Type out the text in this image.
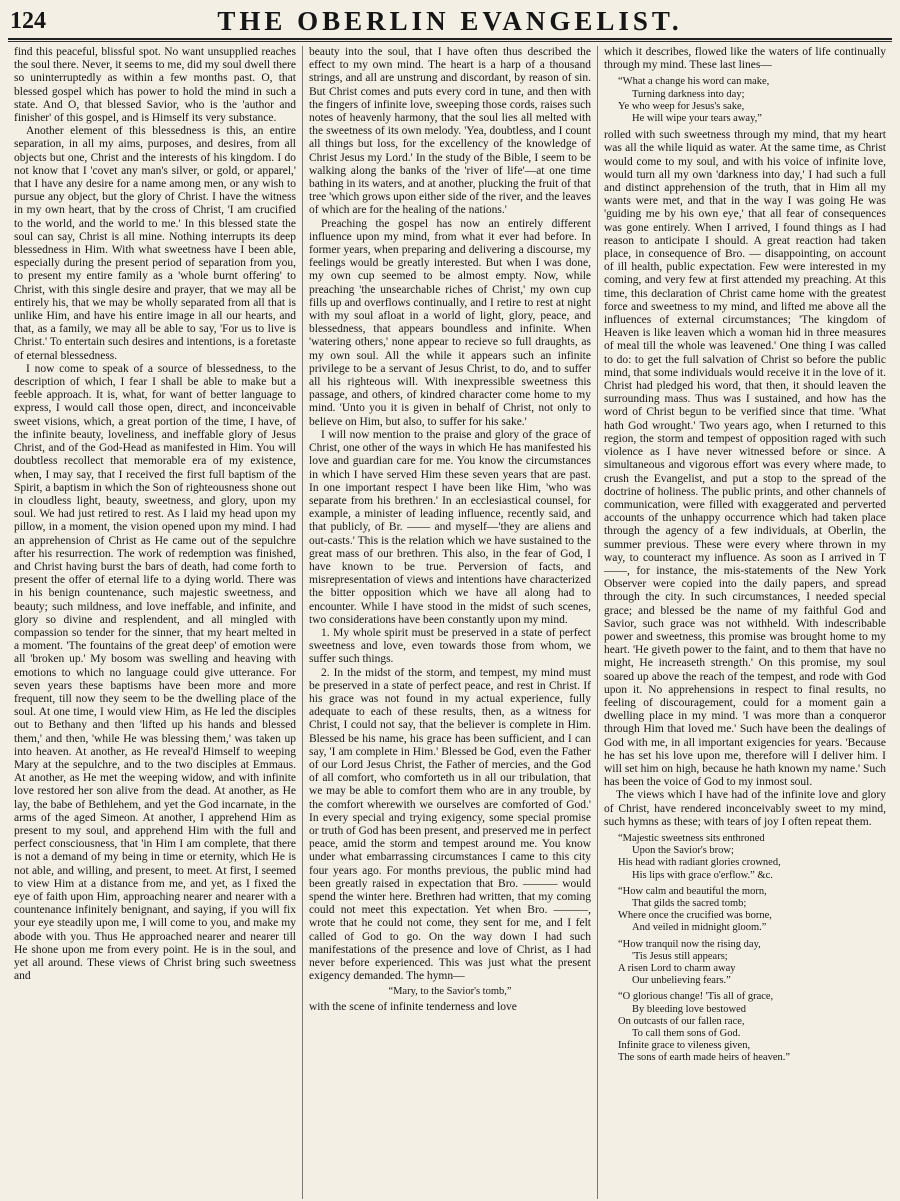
124	THE OBERLIN EVANGELIST.

find this peaceful, blissful spot. No want unsupplied reaches the soul there. Never, it seems to me, did my soul dwell there so uninterruptedly as within a few months past. O, that blessed gospel which has power to hold the mind in such a state. And O, that blessed Savior, who is the 'author and finisher' of this gospel, and is Himself its very substance.

Another element of this blessedness is this, an entire separation, in all my aims, purposes, and desires, from all objects but one, Christ and the interests of his kingdom. I do not know that I 'covet any man's silver, or gold, or apparel,' that I have any desire for a name among men, or any wish to pursue any object, but the glory of Christ. I have the witness in my own heart, that by the cross of Christ, 'I am crucified to the world, and the world to me.' In this blessed state the soul can say, Christ is all mine. Nothing interrupts its deep blessedness in Him. With what sweetness have I been able, especially during the present period of separation from you, to present my entire family as a 'whole burnt offering' to Christ, with this single desire and prayer, that we may all be entirely his, that we may be wholly separated from all that is unlike Him, and have his entire image in all our hearts, and that, as a family, we may all be able to say, 'For us to live is Christ.' To entertain such desires and intentions, is a foretaste of eternal blessedness.

I now come to speak of a source of blessedness, to the description of which, I fear I shall be able to make but a feeble approach. It is, what, for want of better language to express, I would call those open, direct, and inconceivable sweet visions, which, a great portion of the time, I have, of the infinite beauty, loveliness, and ineffable glory of Jesus Christ, and of the God-Head as manifested in Him. You will doubtless recollect that memorable era of my existence, when, I may say, that I received the first full baptism of the Spirit, a baptism in which the Son of righteousness shone out in cloudless light, beauty, sweetness, and glory, upon my soul. We had just retired to rest. As I laid my head upon my pillow, in a moment, the vision opened upon my mind. I had an apprehension of Christ as He came out of the sepulchre after his resurrection. The work of redemption was finished, and Christ having burst the bars of death, had come forth to present the offer of eternal life to a dying world. There was in his benign countenance, such majestic sweetness, and beauty; such mildness, and love ineffable, and infinite, and glory so divine and resplendent, and all mingled with compassion so tender for the sinner, that my heart melted in a moment. 'The fountains of the great deep' of emotion were all 'broken up.' My bosom was swelling and heaving with emotions to which no language could give utterance. For seven years these baptisms have been more and more frequent, till now they seem to be the dwelling place of the soul. At one time, I would view Him, as He led the disciples out to Bethany and then 'lifted up his hands and blessed them,' and then, 'while He was blessing them,' was taken up into heaven. At another, as He reveal'd Himself to weeping Mary at the sepulchre, and to the two disciples at Emmaus. At another, as He met the weeping widow, and with infinite love restored her son alive from the dead. At another, as He lay, the babe of Bethlehem, and yet the God incarnate, in the arms of the aged Simeon. At another, I apprehend Him as present to my soul, and apprehend Him with the full and perfect consciousness, that 'in Him I am complete, that there is not a demand of my being in time or eternity, which He is not able, and willing, and present, to meet. At first, I seemed to view Him at a distance from me, and yet, as I fixed the eye of faith upon Him, approaching nearer and nearer with a countenance infinitely benignant, and saying, if you will fix your eye steadily upon me, I will come to you, and make my abode with you. Thus He approached nearer and nearer till He shone upon me from every point. He is in the soul, and yet all around. These views of Christ bring such sweetness and

beauty into the soul, that I have often thus described the effect to my own mind. The heart is a harp of a thousand strings, and all are unstrung and discordant, by reason of sin. But Christ comes and puts every cord in tune, and then with the fingers of infinite love, sweeping those cords, raises such notes of heavenly harmony, that the soul lies all melted with the sweetness of its own melody. 'Yea, doubtless, and I count all things but loss, for the excellency of the knowledge of Christ Jesus my Lord.' In the study of the Bible, I seem to be walking along the banks of the 'river of life'—at one time bathing in its waters, and at another, plucking the fruit of that tree 'which grows upon either side of the river, and the leaves of which are for the healing of the nations.'

Preaching the gospel has now an entirely different influence upon my mind, from what it ever had before. In former years, when preparing and delivering a discourse, my feelings would be greatly interested. But when I was done, my own cup seemed to be almost empty. Now, while preaching 'the unsearchable riches of Christ,' my own cup fills up and overflows continually, and I retire to rest at night with my soul afloat in a world of light, glory, peace, and blessedness, that appears boundless and infinite. When 'watering others,' none appear to recieve so full draughts, as my own soul. All the while it appears such an infinite privilege to be a servant of Jesus Christ, to do, and to suffer all his righteous will. With inexpressible sweetness this passage, and others, of kindred character come home to my mind. 'Unto you it is given in behalf of Christ, not only to believe on Him, but also, to suffer for his sake.'

I will now mention to the praise and glory of the grace of Christ, one other of the ways in which He has manifested his love and guardian care for me. You know the circumstances in which I have served Him these seven years that are past. In one important respect I have been like Him, 'who was separate from his brethren.' In an ecclesiastical counsel, for example, a minister of leading influence, recently said, and that publicly, of Br. —— and myself—'they are aliens and out-casts.' This is the relation which we have sustained to the great mass of our brethren. This also, in the fear of God, I have known to be true. Perversion of facts, and misrepresentation of views and intentions have characterized the bitter opposition which we have all along had to encounter. While I have stood in the midst of such scenes, two considerations have been constantly upon my mind.

1. My whole spirit must be preserved in a state of perfect sweetness and love, even towards those from whom, we suffer such things.

2. In the midst of the storm, and tempest, my mind must be preserved in a state of perfect peace, and rest in Christ. If his grace was not found in my actual experience, fully adequate to each of these results, then, as a witness for Christ, I could not say, that the believer is complete in Him. Blessed be his name, his grace has been sufficient, and I can say, 'I am complete in Him.' Blessed be God, even the Father of our Lord Jesus Christ, the Father of mercies, and the God of all comfort, who comforteth us in all our tribulation, that we may be able to comfort them who are in any trouble, by the comfort wherewith we ourselves are comforted of God.' In every special and trying exigency, some special promise or truth of God has been present, and preserved me in perfect peace, amid the storm and tempest around me. You know under what embarrassing circumstances I came to this city four years ago. For months previous, the public mind had been greatly raised in expectation that Bro. ——— would spend the winter here. Brethren had written, that my coming could not meet this expectation. Yet when Bro. ———, wrote that he could not come, they sent for me, and I felt called of God to go. On the way down I had such manifestations of the presence and love of Christ, as I had never before experienced. This was just what the present exigency demanded. The hymn—

“Mary, to the Savior's tomb,”

with the scene of infinite tenderness and love

which it describes, flowed like the waters of life continually through my mind. These last lines—

“What a change his word can make,
Turning darkness into day;
Ye who weep for Jesus's sake,
He will wipe your tears away,”

rolled with such sweetness through my mind, that my heart was all the while liquid as water. At the same time, as Christ would come to my soul, and with his voice of infinite love, would turn all my own 'darkness into day,' I had such a full and distinct apprehension of the truth, that in Him all my wants were met, and that in the way I was going He was 'guiding me by his own eye,' that all fear of consequences was gone entirely. When I arrived, I found things as I had reason to anticipate I should. A great reaction had taken place, in consequence of Bro. — disappointing, on account of ill health, public expectation. Few were interested in my coming, and very few at first attended my preaching. At this time, this declaration of Christ came home with the greatest force and sweetness to my mind, and lifted me above all the influences of external circumstances; 'The kingdom of Heaven is like leaven which a woman hid in three measures of meal till the whole was leavened.' One thing I was called to do: to get the full salvation of Christ so before the public mind, that some individuals would receive it in the love of it. Christ had pledged his word, that then, it should leaven the surrounding mass. Thus was I sustained, and how has the word of Christ begun to be verified since that time. 'What hath God wrought.' Two years ago, when I returned to this region, the storm and tempest of opposition raged with such violence as I have never witnessed before or since. A simultaneous and vigorous effort was every where made, to crush the Evangelist, and put a stop to the spread of the doctrine of holiness. The public prints, and other channels of communication, were filled with exaggerated and perverted accounts of the unhappy occurrence which had taken place through the agency of a few individuals, at Oberlin, the summer previous. These were every where thrown in my way, to counteract my influence. As soon as I arrived in T——, for instance, the mis-statements of the New York Observer were copied into the daily papers, and spread through the city. In such circumstances, I needed special grace; and blessed be the name of my faithful God and Savior, such grace was not withheld. With indescribable power and sweetness, this promise was brought home to my heart. 'He giveth power to the faint, and to them that have no might, He increaseth strength.' On this promise, my soul soared up above the reach of the tempest, and rode with God upon it. No apprehensions in respect to final results, no feeling of discouragement, could for a moment gain a dwelling place in my mind. 'I was more than a conqueror through Him that loved me.' Such have been the dealings of God with me, in all important exigencies for years. 'Because he has set his love upon me, therefore will I deliver him. I will set him on high, because he hath known my name.' Such has been the voice of God to my inmost soul.

The views which I have had of the infinite love and glory of Christ, have rendered inconceivably sweet to my mind, such hymns as these; with tears of joy I often repeat them.

“Majestic sweetness sits enthroned
Upon the Savior's brow;
His head with radiant glories crowned,
His lips with grace o'erflow.” &c.
“How calm and beautiful the morn,
That gilds the sacred tomb;
Where once the crucified was borne,
And veiled in midnight gloom.”
“How tranquil now the rising day,
'Tis Jesus still appears;
A risen Lord to charm away
Our unbelieving fears.”
“O glorious change! 'Tis all of grace,
By bleeding love bestowed
On outcasts of our fallen race,
To call them sons of God.
Infinite grace to vileness given,
The sons of earth made heirs of heaven.”
